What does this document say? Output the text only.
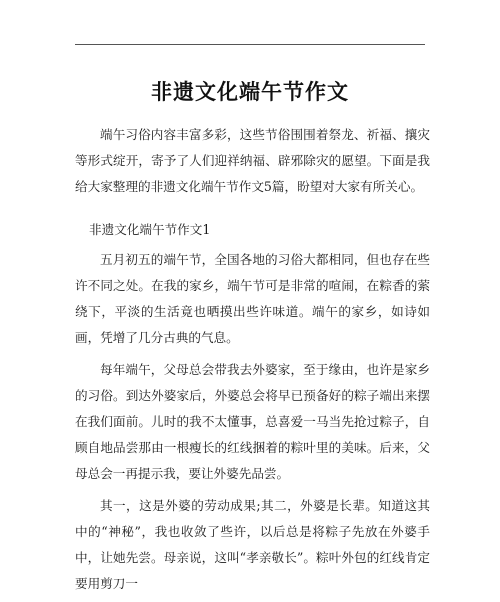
非遗文化端午节作文

端午习俗内容丰富多彩，这些节俗围围着祭龙、祈福、攘灾等形式绽开，寄予了人们迎祥纳福、辟邪除灾的愿望。下面是我给大家整理的非遗文化端午节作文5篇，盼望对大家有所关心。

非遗文化端午节作文1

五月初五的端午节，全国各地的习俗大都相同，但也存在些许不同之处。在我的家乡，端午节可是非常的喧闹，在粽香的萦绕下，平淡的生活竟也晒摸出些许味道。端午的家乡，如诗如画，凭增了几分古典的气息。

每年端午，父母总会带我去外婆家，至于缘由，也许是家乡的习俗。到达外婆家后，外婆总会将早已预备好的粽子端出来摆在我们面前。儿时的我不太懂事，总喜爱一马当先抢过粽子，自顾自地品尝那由一根瘦长的红线捆着的粽叶里的美味。后来，父母总会一再提示我，要让外婆先品尝。

其一，这是外婆的劳动成果;其二，外婆是长辈。知道这其中的“神秘”，我也收敛了些许，以后总是将粽子先放在外婆手中，让她先尝。母亲说，这叫“孝亲敬长”。粽叶外包的红线肯定要用剪刀一
